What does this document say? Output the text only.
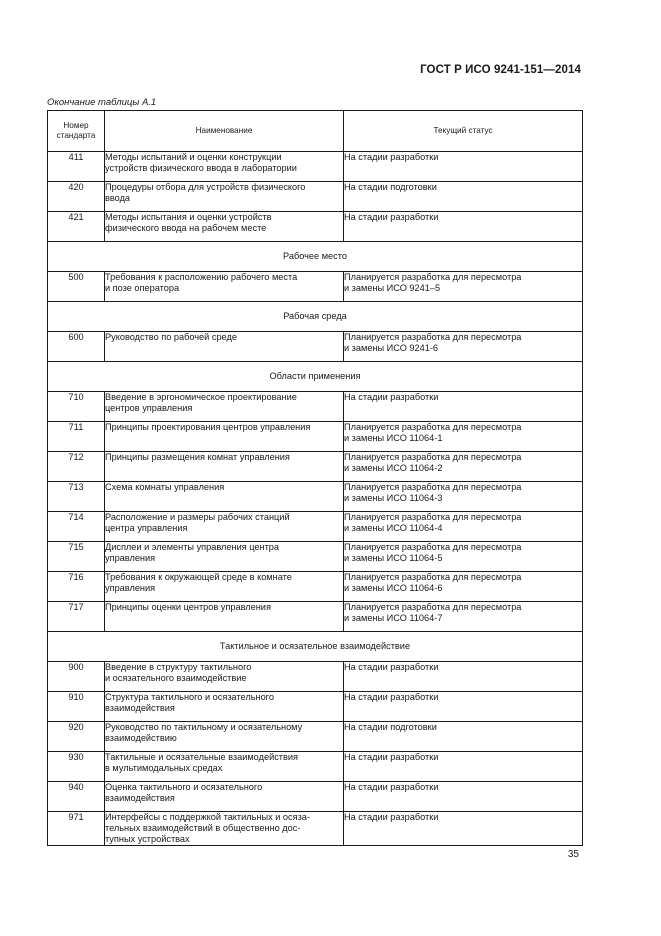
ГОСТ Р ИСО 9241-151—2014
Окончание таблицы А.1
Номер
стандарта	Наименование	Текущий статус
411	Методы испытаний и оценки конструкции
устройств физического ввода в лаборатории	На стадии разработки
420	Процедуры отбора для устройств физического
ввода	На стадии подготовки
421	Методы испытания и оценки устройств
физического ввода на рабочем месте	На стадии разработки
Рабочее место		
500	Требования к расположению рабочего места
и позе оператора	Планируется разработка для пересмотра
и замены ИСО 9241–5
Рабочая среда		
600	Руководство по рабочей среде	Планируется разработка для пересмотра
и замены ИСО 9241-6
Области применения		
710	Введение в эргономическое проектирование
центров управления	На стадии разработки
711	Принципы проектирования центров управления	Планируется разработка для пересмотра
и замены ИСО 11064-1
712	Принципы размещения комнат управления	Планируется разработка для пересмотра
и замены ИСО 11064-2
713	Схема комнаты управления	Планируется разработка для пересмотра
и замены ИСО 11064-3
714	Расположение и размеры рабочих станций
центра управления	Планируется разработка для пересмотра
и замены ИСО 11064-4
715	Дисплеи и элементы управления центра
управления	Планируется разработка для пересмотра
и замены ИСО 11064-5
716	Требования к окружающей среде в комнате
управления	Планируется разработка для пересмотра
и замены ИСО 11064-6
717	Принципы оценки центров управления	Планируется разработка для пересмотра
и замены ИСО 11064-7
Тактильное и осязательное взаимодействие		
900	Введение в структуру тактильного
и осязательного взаимодействие	На стадии разработки
910	Структура тактильного и осязательного
взаимодействия	На стадии разработки
920	Руководство по тактильному и осязательному
взаимодействию	На стадии подготовки
930	Тактильные и осязательные взаимодействия
в мультимодальных средах	На стадии разработки
940	Оценка тактильного и осязательного
взаимодействия	На стадии разработки
971	Интерфейсы с поддержкой тактильных и осяза-
тельных взаимодействий в общественно дос-
тупных устройствах	На стадии разработки
35
